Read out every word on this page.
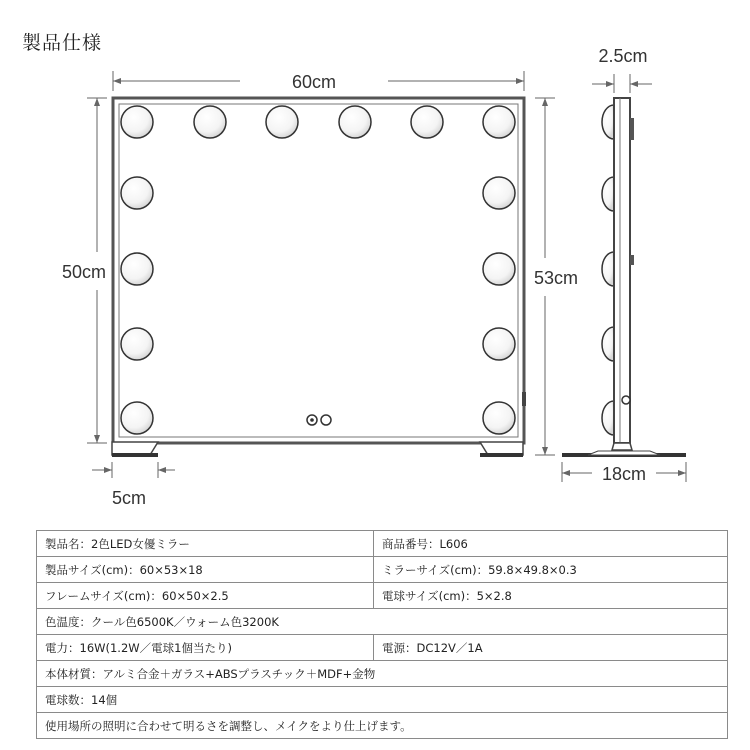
製品仕様
60cm
50cm	53cm
5cm
2.5cm
18cm
製品名：2色LED女優ミラー	商品番号：L606
製品サイズ(cm)：60×53×18	ミラーサイズ(cm)：59.8×49.8×0.3
フレームサイズ(cm)：60×50×2.5	電球サイズ(cm)：5×2.8
色温度：クール色6500K／ウォーム色3200K	
電力：16W(1.2W／電球1個当たり)	電源：DC12V／1A
本体材質：アルミ合金＋ガラス+ABSプラスチック＋MDF+金物	
電球数：14個	
使用場所の照明に合わせて明るさを調整し、メイクをより仕上げます。	
